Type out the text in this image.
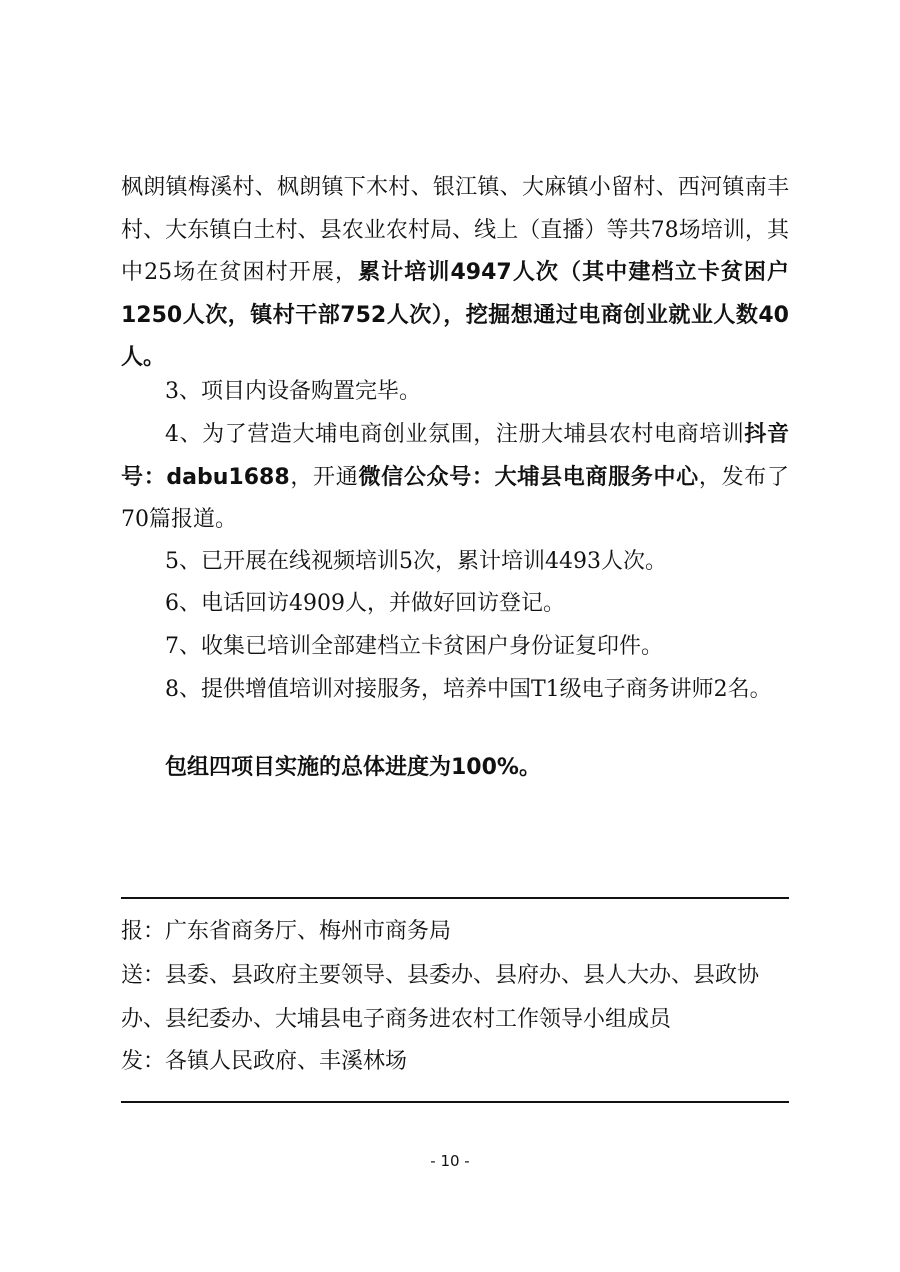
枫朗镇梅溪村、枫朗镇下木村、银江镇、大麻镇小留村、西河镇南丰村、大东镇白土村、县农业农村局、线上（直播）等共78场培训，其中25场在贫困村开展，累计培训4947人次（其中建档立卡贫困户1250人次，镇村干部752人次），挖掘想通过电商创业就业人数40人。

3、项目内设备购置完毕。

4、为了营造大埔电商创业氛围，注册大埔县农村电商培训抖音号：dabu1688，开通微信公众号：大埔县电商服务中心，发布了70篇报道。

5、已开展在线视频培训5次，累计培训4493人次。

6、电话回访4909人，并做好回访登记。

7、收集已培训全部建档立卡贫困户身份证复印件。

8、提供增值培训对接服务，培养中国T1级电子商务讲师2名。

包组四项目实施的总体进度为100%。

报：广东省商务厅、梅州市商务局

送：县委、县政府主要领导、县委办、县府办、县人大办、县政协办、县纪委办、大埔县电子商务进农村工作领导小组成员

发：各镇人民政府、丰溪林场

- 10 -
